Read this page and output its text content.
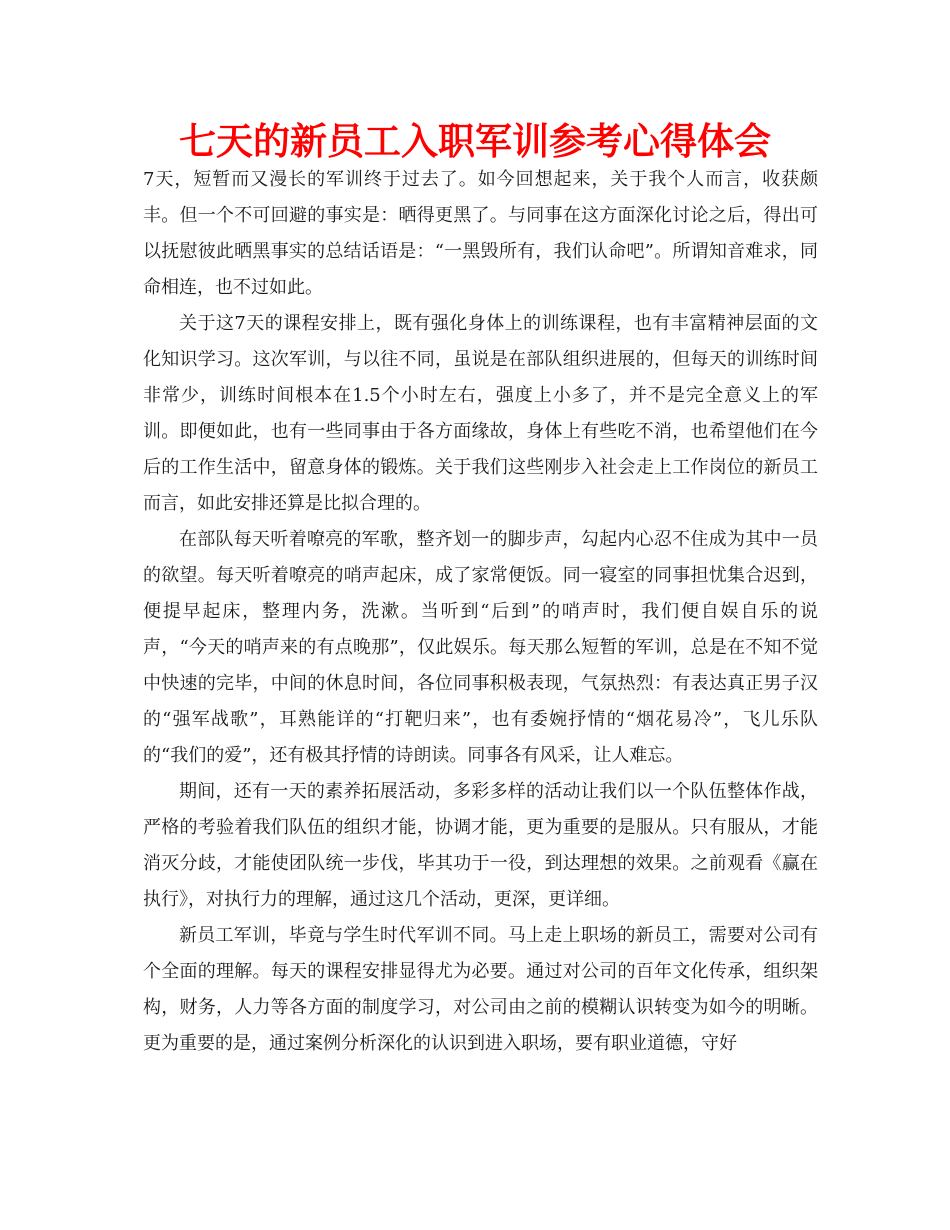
七天的新员工入职军训参考心得体会

7天，短暂而又漫长的军训终于过去了。如今回想起来，关于我个人而言，收获颇丰。但一个不可回避的事实是：晒得更黑了。与同事在这方面深化讨论之后，得出可以抚慰彼此晒黑事实的总结话语是：“一黑毁所有，我们认命吧”。所谓知音难求，同命相连，也不过如此。

关于这7天的课程安排上，既有强化身体上的训练课程，也有丰富精神层面的文化知识学习。这次军训，与以往不同，虽说是在部队组织进展的，但每天的训练时间非常少，训练时间根本在1.5个小时左右，强度上小多了，并不是完全意义上的军训。即便如此，也有一些同事由于各方面缘故，身体上有些吃不消，也希望他们在今后的工作生活中，留意身体的锻炼。关于我们这些刚步入社会走上工作岗位的新员工而言，如此安排还算是比拟合理的。

在部队每天听着嘹亮的军歌，整齐划一的脚步声，勾起内心忍不住成为其中一员的欲望。每天听着嘹亮的哨声起床，成了家常便饭。同一寝室的同事担忧集合迟到，便提早起床，整理内务，洗漱。当听到“后到”的哨声时，我们便自娱自乐的说声，“今天的哨声来的有点晚那”，仅此娱乐。每天那么短暂的军训，总是在不知不觉中快速的完毕，中间的休息时间，各位同事积极表现，气氛热烈：有表达真正男子汉的“强军战歌”，耳熟能详的“打靶归来”，也有委婉抒情的“烟花易冷”，飞儿乐队的“我们的爱”，还有极其抒情的诗朗读。同事各有风采，让人难忘。

期间，还有一天的素养拓展活动，多彩多样的活动让我们以一个队伍整体作战，严格的考验着我们队伍的组织才能，协调才能，更为重要的是服从。只有服从，才能消灭分歧，才能使团队统一步伐，毕其功于一役，到达理想的效果。之前观看《赢在执行》，对执行力的理解，通过这几个活动，更深，更详细。

新员工军训，毕竟与学生时代军训不同。马上走上职场的新员工，需要对公司有个全面的理解。每天的课程安排显得尤为必要。通过对公司的百年文化传承，组织架构，财务，人力等各方面的制度学习，对公司由之前的模糊认识转变为如今的明晰。更为重要的是，通过案例分析深化的认识到进入职场，要有职业道德，守好
